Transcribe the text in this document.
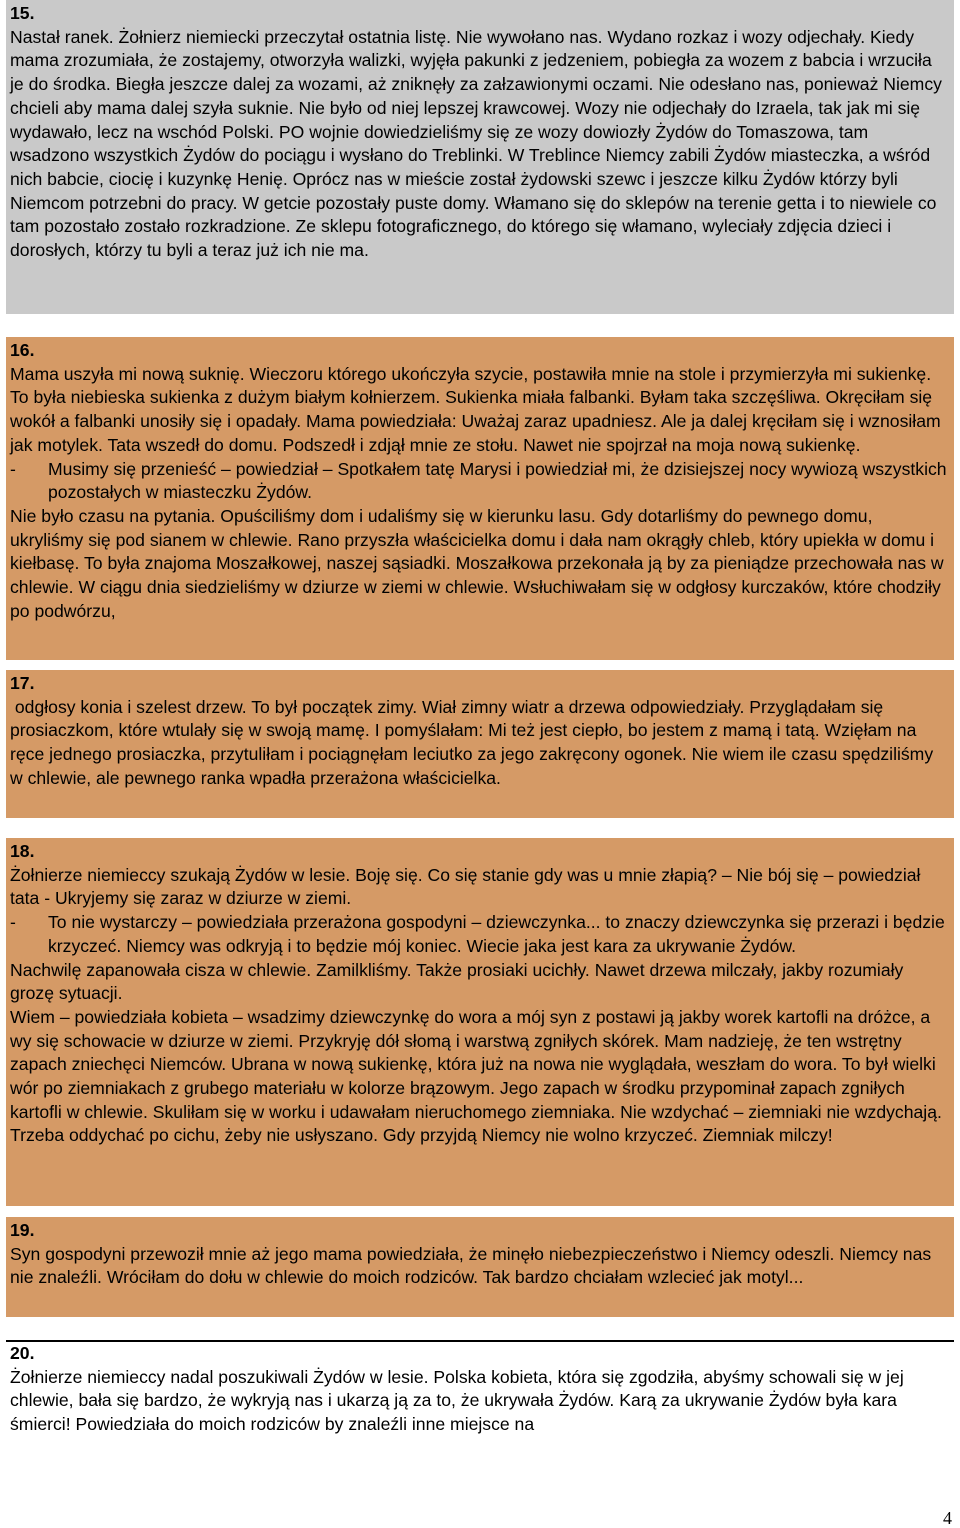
15.

Nastał ranek. Żołnierz niemiecki przeczytał ostatnia listę. Nie wywołano nas. Wydano rozkaz i wozy odjechały. Kiedy mama zrozumiała, że zostajemy, otworzyła walizki, wyjęła pakunki z jedzeniem, pobiegła za wozem z babcia i wrzuciła je do środka. Biegła jeszcze dalej za wozami, aż zniknęły za załzawionymi oczami. Nie odesłano nas, ponieważ Niemcy chcieli aby mama dalej szyła suknie. Nie było od niej lepszej krawcowej. Wozy nie odjechały do Izraela, tak jak mi się wydawało, lecz na wschód Polski. PO wojnie dowiedzieliśmy się ze wozy dowiozły Żydów do Tomaszowa, tam wsadzono wszystkich Żydów do pociągu i wysłano do Treblinki. W Treblince Niemcy zabili Żydów miasteczka, a wśród nich babcie, ciocię i kuzynkę Henię. Oprócz nas w mieście został żydowski szewc i jeszcze kilku Żydów którzy byli Niemcom potrzebni do pracy. W getcie pozostały puste domy. Włamano się do sklepów na terenie getta i to niewiele co tam pozostało zostało rozkradzione. Ze sklepu fotograficznego, do którego się włamano, wyleciały zdjęcia dzieci i dorosłych, którzy tu byli a teraz już ich nie ma.

16.

Mama uszyła mi nową suknię. Wieczoru którego ukończyła szycie, postawiła mnie na stole i przymierzyła mi sukienkę. To była niebieska sukienka z dużym białym kołnierzem. Sukienka miała falbanki. Byłam taka szczęśliwa. Okręciłam się wokół a falbanki unosiły się i opadały. Mama powiedziała: Uważaj zaraz upadniesz. Ale ja dalej kręciłam się i wznosiłam jak motylek. Tata wszedł do domu. Podszedł i zdjął mnie ze stołu. Nawet nie spojrzał na moja nową sukienkę.

-	Musimy się przenieść – powiedział – Spotkałem tatę Marysi i powiedział mi, że dzisiejszej nocy wywiozą wszystkich pozostałych w miasteczku Żydów.

Nie było czasu na pytania. Opuściliśmy dom i udaliśmy się w kierunku lasu. Gdy dotarliśmy do pewnego domu, ukryliśmy się pod sianem w chlewie. Rano przyszła właścicielka domu i dała nam okrągły chleb, który upiekła w domu i kiełbasę. To była znajoma Moszałkowej, naszej sąsiadki. Moszałkowa przekonała ją by za pieniądze przechowała nas w chlewie. W ciągu dnia siedzieliśmy w dziurze w ziemi w chlewie. Wsłuchiwałam się w odgłosy kurczaków, które chodziły po podwórzu,

17.

odgłosy konia i szelest drzew. To był początek zimy. Wiał zimny wiatr a drzewa odpowiedziały. Przyglądałam się prosiaczkom, które wtulały się w swoją mamę. I pomyślałam: Mi też jest ciepło, bo jestem z mamą i tatą. Wzięłam na ręce jednego prosiaczka, przytuliłam i pociągnęłam leciutko za jego zakręcony ogonek. Nie wiem ile czasu spędziliśmy w chlewie, ale pewnego ranka wpadła przerażona właścicielka.

18.

Żołnierze niemieccy szukają Żydów w lesie. Boję się. Co się stanie gdy was u mnie złapią? – Nie bój się – powiedział tata - Ukryjemy się zaraz w dziurze w ziemi.

-	To nie wystarczy – powiedziała przerażona gospodyni – dziewczynka... to znaczy dziewczynka się przerazi i będzie krzyczeć. Niemcy was odkryją i to będzie mój koniec. Wiecie jaka jest kara za ukrywanie Żydów.

Nachwilę zapanowała cisza w chlewie. Zamilkliśmy. Także prosiaki ucichły. Nawet drzewa milczały, jakby rozumiały grozę sytuacji.

Wiem – powiedziała kobieta – wsadzimy dziewczynkę do wora a mój syn z postawi ją jakby worek kartofli na dróżce, a wy się schowacie w dziurze w ziemi. Przykryję dół słomą i warstwą zgniłych skórek. Mam nadzieję, że ten wstrętny zapach zniechęci Niemców. Ubrana w nową sukienkę, która już na nowa nie wyglądała, weszłam do wora. To był wielki wór po ziemniakach z grubego materiału w kolorze brązowym. Jego zapach w środku przypominał zapach zgniłych kartofli w chlewie. Skuliłam się w worku i udawałam nieruchomego ziemniaka. Nie wzdychać – ziemniaki nie wzdychają. Trzeba oddychać po cichu, żeby nie usłyszano. Gdy przyjdą Niemcy nie wolno krzyczeć. Ziemniak milczy!

19.

Syn gospodyni przewoził mnie aż jego mama powiedziała, że minęło niebezpieczeństwo i Niemcy odeszli. Niemcy nas nie znaleźli. Wróciłam do dołu w chlewie do moich rodziców. Tak bardzo chciałam wzlecieć jak motyl...

20.

Żołnierze niemieccy nadal poszukiwali Żydów w lesie. Polska kobieta, która się zgodziła, abyśmy schowali się w jej chlewie, bała się bardzo, że wykryją nas i ukarzą ją za to, że ukrywała Żydów. Karą za ukrywanie Żydów była kara śmierci! Powiedziała do moich rodziców by znaleźli inne miejsce na

4
